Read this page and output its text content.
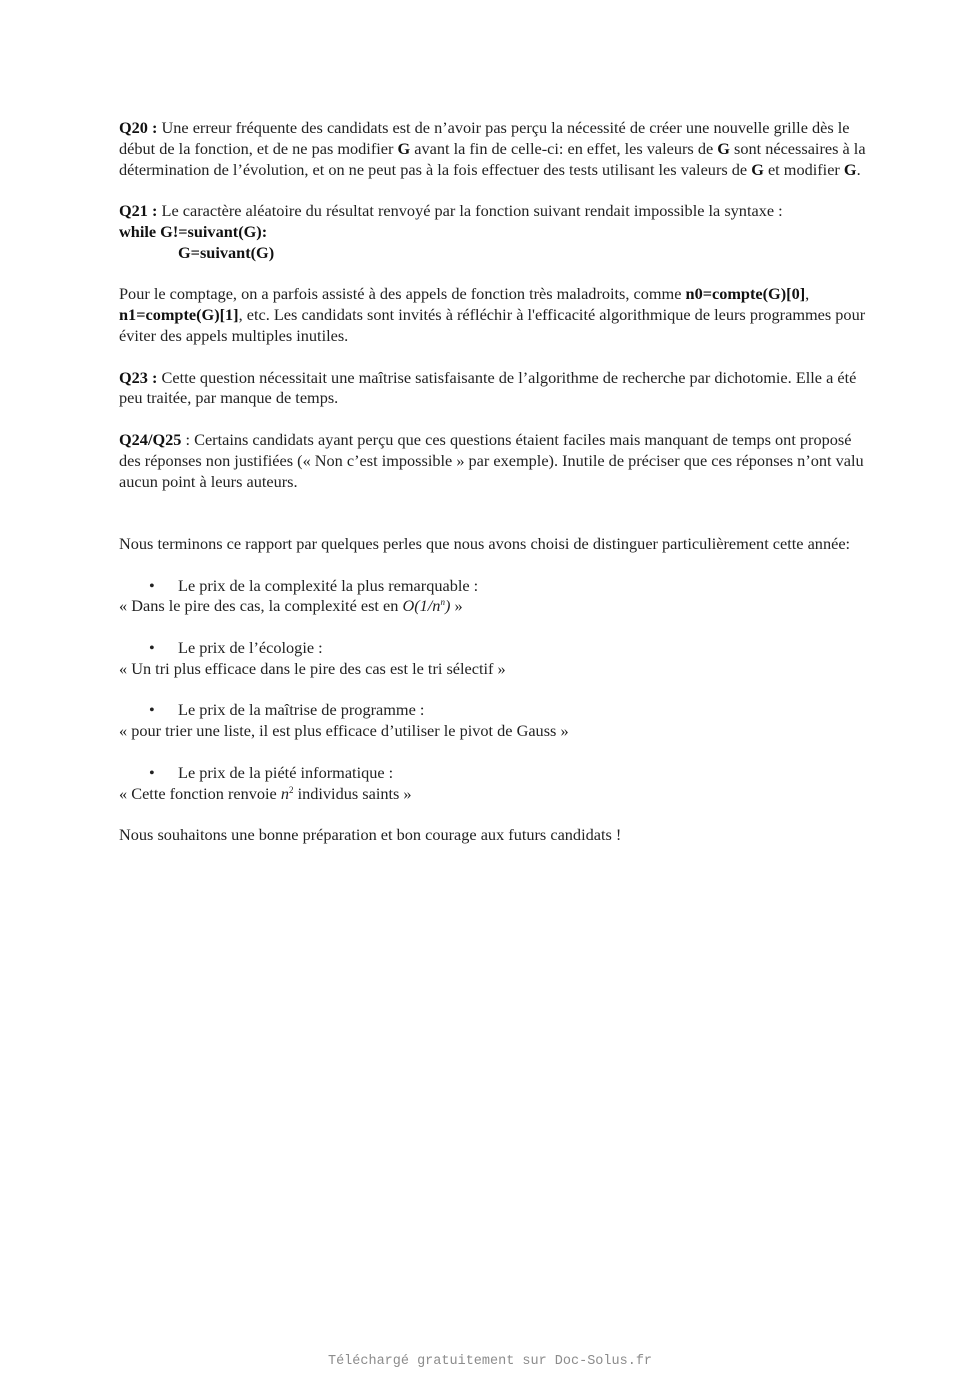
Q20 : Une erreur fréquente des candidats est de n’avoir pas perçu la nécessité de créer une nouvelle grille dès le début de la fonction, et de ne pas modifier G avant la fin de celle-ci: en effet, les valeurs de G sont nécessaires à la détermination de l’évolution, et on ne peut pas à la fois effectuer des tests utilisant les valeurs de G et modifier G.

Q21 : Le caractère aléatoire du résultat renvoyé par la fonction suivant rendait impossible la syntaxe :

while G!=suivant(G):

G=suivant(G)

Pour le comptage, on a parfois assisté à des appels de fonction très maladroits, comme n0=compte(G)[0], n1=compte(G)[1], etc. Les candidats sont invités à réfléchir à l'efficacité algorithmique de leurs programmes pour éviter des appels multiples inutiles.

Q23 : Cette question nécessitait une maîtrise satisfaisante de l’algorithme de recherche par dichotomie. Elle a été peu traitée, par manque de temps.

Q24/Q25 : Certains candidats ayant perçu que ces questions étaient faciles mais manquant de temps ont proposé des réponses non justifiées (« Non c’est impossible » par exemple). Inutile de préciser que ces réponses n’ont valu aucun point à leurs auteurs.

Nous terminons ce rapport par quelques perles que nous avons choisi de distinguer particulièrement cette année:

• Le prix de la complexité la plus remarquable :

« Dans le pire des cas, la complexité est en $O(1/n^n)$ »

• Le prix de l’écologie :

« Un tri plus efficace dans le pire des cas est le tri sélectif »

• Le prix de la maîtrise de programme :

« pour trier une liste, il est plus efficace d’utiliser le pivot de Gauss »

• Le prix de la piété informatique :

« Cette fonction renvoie $n^2$ individus saints »

Nous souhaitons une bonne préparation et bon courage aux futurs candidats !

Téléchargé gratuitement sur Doc-Solus.fr
